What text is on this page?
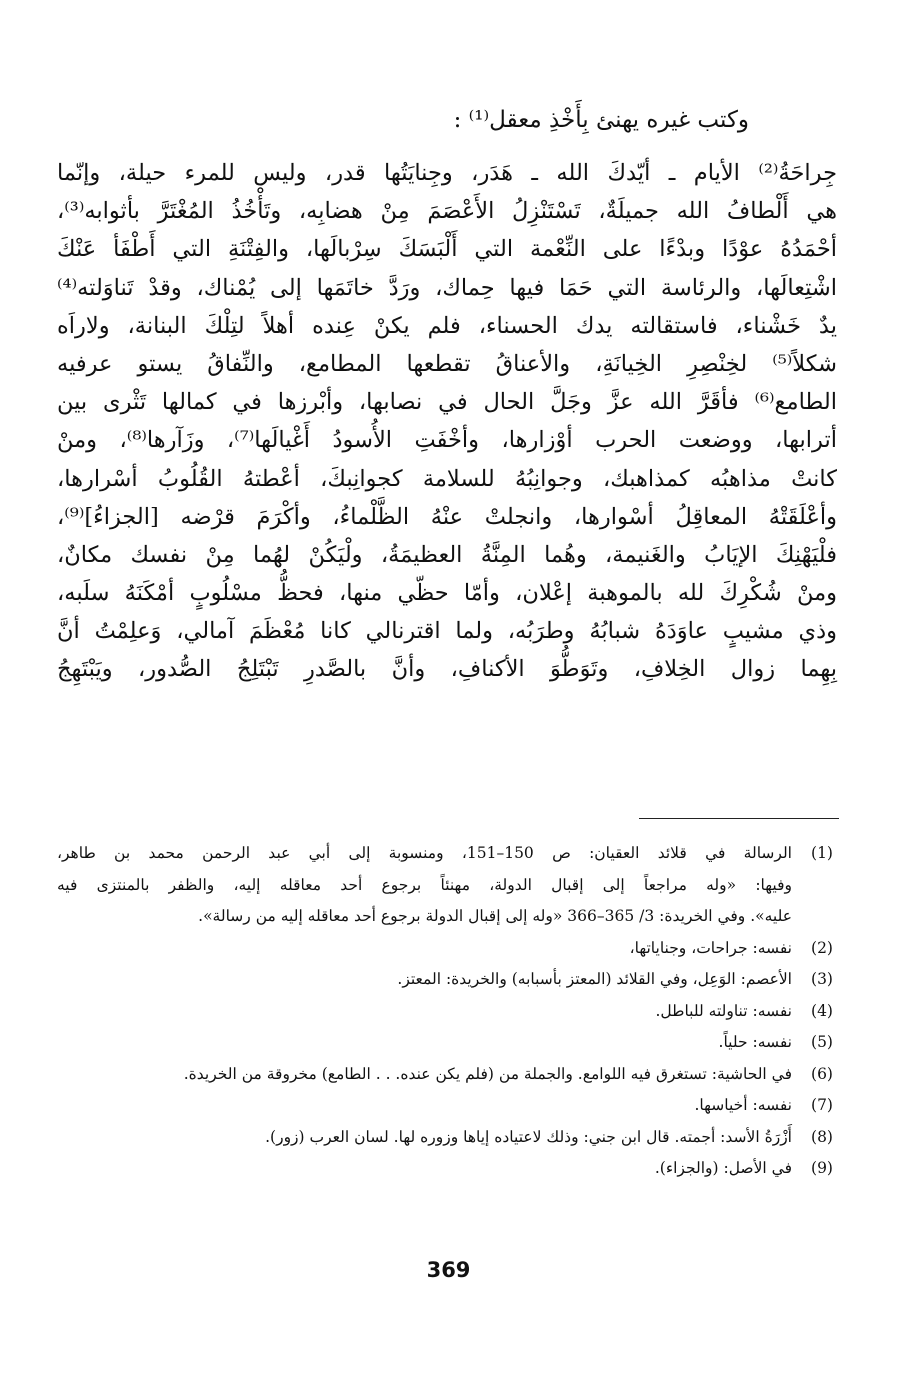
وكتب غيره يهنئ بِأَخْذِ معقل⁽¹⁾ :
جِراحَةُ⁽²⁾ الأيام ـ أيّدكَ الله ـ هَدَر، وجِنايَتُها قدر، وليس للمرء حيلة، وإنّما
هي أَلْطافُ الله جميلَةٌ، تَسْتَنْزِلُ الأَعْصَمَ مِنْ هضابِه، وتَأْخُذُ المُغْتَرَّ بأثوابه⁽³⁾،
أحْمَدُهُ عوْدًا وبدْءًا على النِّعْمة التي أَلْبَسَكَ سِرْبالَها، والفِتْنَةِ التي أَطْفَأ عَنْكَ
اشْتِعالَها، والرئاسة التي حَمَا فيها حِماك، ورَدَّ خاتَمَها إلى يُمْناك، وقدْ تَناوَلته⁽⁴⁾
يدٌ خَشْناء، فاستقالته يدك الحسناء، فلم يكنْ عِنده أهلاً لتِلْكَ البنانة، ولاراَه
شكلاً⁽⁵⁾ لخِنْصِرِ الخِيانَةِ، والأعناقُ تقطعها المطامع، والنِّفاقُ يستو عرفيه
الطامع⁽⁶⁾ فأقَرَّ الله عزَّ وجَلَّ الحال في نصابها، وأبْرزها في كمالها تَثْرى بين
أترابها، ووضعت الحرب أوْزارها، وأخْفَتِ الأُسودُ أَغْيالَها⁽⁷⁾، وزَآرها⁽⁸⁾، ومنْ
كانتْ مذاهبُه كمذاهبك، وجوانِبُهُ للسلامة كجوانِبكَ، أعْطتهُ القُلُوبُ أسْرارها،
وأعْلَقَتْهُ المعاقِلُ أسْوارها، وانجلتْ عنْهُ الظَّلْماءُ، وأكْرَمَ قرْضه [الجزاءُ]⁽⁹⁾،
فلْيَهْنِكَ الإيَابُ والغَنيمة، وهُما المِنَّةُ العظيمَةُ، ولْيَكُنْ لهُما مِنْ نفسك مكانٌ،
ومنْ شُكْرِكَ لله بالموهبة إعْلان، وأمّا حظّي منها، فحظُّ مسْلُوبٍ أمْكَنَهُ سلَبه،
وذي مشيبٍ عاوَدَهُ شبابُهُ وطرَبُه، ولما اقترنالي كانا مُعْظَمَ آمالي، وَعلِمْتُ أنَّ
بِهِما زوال الخِلافِ، وتَوَطُّوَ الأكنافِ، وأنَّ بالصَّدرِ تَبْتَلِجُ الصُّدور، ويَبْتَهِجُ
(1)
الرسالة في قلائد العقيان: ص 150–151، ومنسوبة إلى أبي عبد الرحمن محمد بن طاهر،
وفيها: «وله مراجعاً إلى إقبال الدولة، مهنئاً برجوع أحد معاقله إليه، والظفر بالمنتزى فيه
عليه». وفي الخريدة: 3/ 365–366 «وله إلى إقبال الدولة برجوع أحد معاقله إليه من رسالة».
(2)
نفسه: جراحات، وجناياتها،
(3)
الأعصم: الوَعِل، وفي القلائد (المعتز بأسبابه) والخريدة: المعتز.
(4)
نفسه: تناولته للباطل.
(5)
نفسه: حلياً.
(6)
في الحاشية: تستغرق فيه اللوامع. والجملة من (فلم يكن عنده. . . الطامع) مخروقة من الخريدة.
(7)
نفسه: أخياسها.
(8)
أَزْرَةُ الأسد: أجمته. قال ابن جني: وذلك لاعتياده إياها وزوره لها. لسان العرب (زور).
(9)
في الأصل: (والجزاء).
369
